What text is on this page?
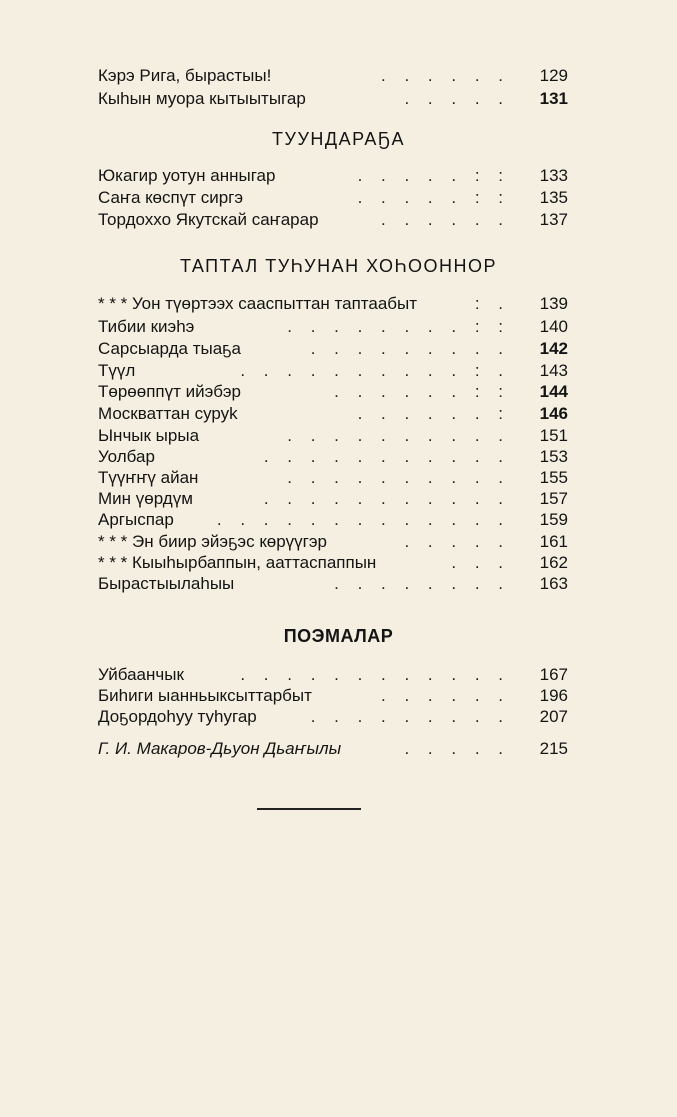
Кэрэ Рига, бырастыы!	. . . . . .	129
Кыһын муора кытыытыгар	. . . . .	131
ТУУНДАРАҔА
Юкагир уотун анныгар	. . . . . : :	133
Саҥа көспүт сиргэ	. . . . . : :	135
Тордоххо Якутскай саҥарар	. . . . . .	137
ТАПТАЛ ТУҺУНАН ХОҺООННОР
* * * Уон түөртээх сааспыттан таптаабыт	: .	139
Тибии киэһэ	. . . . . . . . : :	140
Сарсыарда тыаҕа	. . . . . . . . .	142
Түүл	. . . . . . . . . . : .	143
Төрөөппүт ийэбэр	. . . . . . : :	144
Москваттан суруk	. . . . . . :	146
Ынчык ырыа	. . . . . . . . . .	151
Уолбар	. . . . . . . . . . .	153
Түүҥҥү айан	. . . . . . . . . .	155
Мин үөрдүм	. . . . . . . . . . .	157
Аргыспар	. . . . . . . . . . . . .	159
* * * Эн биир эйэҕэс көрүүгэр	. . . . .	161
* * * Кыыһырбаппын, ааттаспаппын	. . .	162
Бырастыылаһыы	. . . . . . . .	163
ПОЭМАЛАР
Уйбаанчык	. . . . . . . . . . . .	167
Биһиги ыанньыксыттарбыт	. . . . . .	196
Доҕордоһуу туһугар	. . . . . . . . .	207
Г. И. Макаров-Дьуон Дьаҥылы	. . . . .	215
